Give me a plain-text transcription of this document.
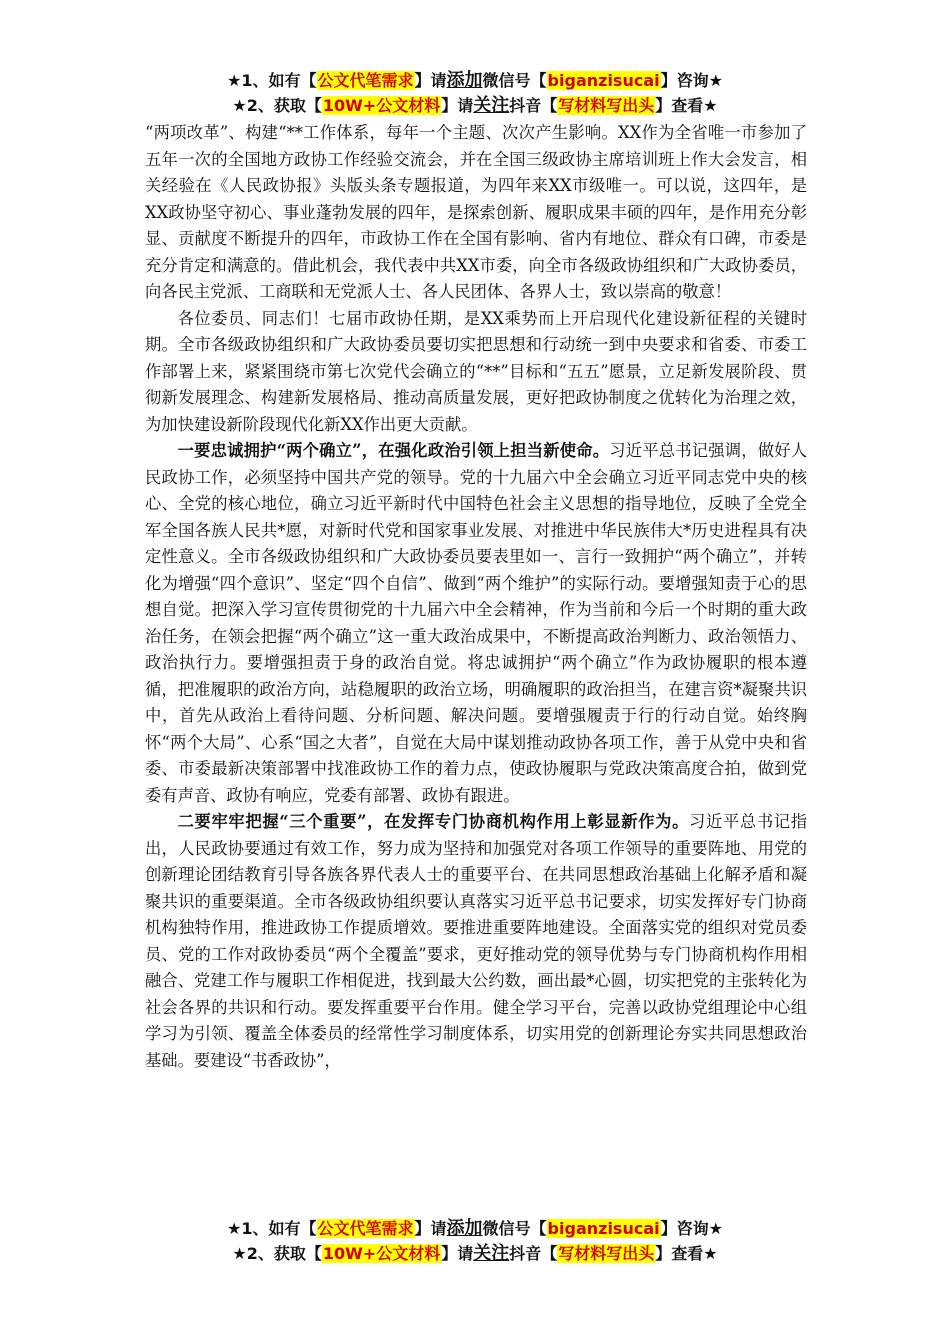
★1、如有【公文代笔需求】请添加微信号【biganzisucai】咨询★
★2、获取【10W+公文材料】请关注抖音【写材料写出头】查看★

“两项改革”、构建“**工作体系，每年一个主题、次次产生影响。XX作为全省唯一市参加了五年一次的全国地方政协工作经验交流会，并在全国三级政协主席培训班上作大会发言，相关经验在《人民政协报》头版头条专题报道，为四年来XX市级唯一。可以说，这四年，是XX政协坚守初心、事业蓬勃发展的四年，是探索创新、履职成果丰硕的四年，是作用充分彰显、贡献度不断提升的四年，市政协工作在全国有影响、省内有地位、群众有口碑，市委是充分肯定和满意的。借此机会，我代表中共XX市委，向全市各级政协组织和广大政协委员，向各民主党派、工商联和无党派人士、各人民团体、各界人士，致以崇高的敬意！

各位委员、同志们！七届市政协任期，是XX乘势而上开启现代化建设新征程的关键时期。全市各级政协组织和广大政协委员要切实把思想和行动统一到中央要求和省委、市委工作部署上来，紧紧围绕市第七次党代会确立的“**”目标和“五五”愿景，立足新发展阶段、贯彻新发展理念、构建新发展格局、推动高质量发展，更好把政协制度之优转化为治理之效，为加快建设新阶段现代化新XX作出更大贡献。

一要忠诚拥护“两个确立”，在强化政治引领上担当新使命。习近平总书记强调，做好人民政协工作，必须坚持中国共产党的领导。党的十九届六中全会确立习近平同志党中央的核心、全党的核心地位，确立习近平新时代中国特色社会主义思想的指导地位，反映了全党全军全国各族人民共*愿，对新时代党和国家事业发展、对推进中华民族伟大*历史进程具有决定性意义。全市各级政协组织和广大政协委员要表里如一、言行一致拥护“两个确立”，并转化为增强“四个意识”、坚定“四个自信”、做到“两个维护”的实际行动。要增强知责于心的思想自觉。把深入学习宣传贯彻党的十九届六中全会精神，作为当前和今后一个时期的重大政治任务，在领会把握“两个确立”这一重大政治成果中，不断提高政治判断力、政治领悟力、政治执行力。要增强担责于身的政治自觉。将忠诚拥护“两个确立”作为政协履职的根本遵循，把准履职的政治方向，站稳履职的政治立场，明确履职的政治担当，在建言资*凝聚共识中，首先从政治上看待问题、分析问题、解决问题。要增强履责于行的行动自觉。始终胸怀“两个大局”、心系“国之大者”，自觉在大局中谋划推动政协各项工作，善于从党中央和省委、市委最新决策部署中找准政协工作的着力点，使政协履职与党政决策高度合拍，做到党委有声音、政协有响应，党委有部署、政协有跟进。

二要牢牢把握“三个重要”，在发挥专门协商机构作用上彰显新作为。习近平总书记指出，人民政协要通过有效工作，努力成为坚持和加强党对各项工作领导的重要阵地、用党的创新理论团结教育引导各族各界代表人士的重要平台、在共同思想政治基础上化解矛盾和凝聚共识的重要渠道。全市各级政协组织要认真落实习近平总书记要求，切实发挥好专门协商机构独特作用，推进政协工作提质增效。要推进重要阵地建设。全面落实党的组织对党员委员、党的工作对政协委员“两个全覆盖”要求，更好推动党的领导优势与专门协商机构作用相融合、党建工作与履职工作相促进，找到最大公约数，画出最*心圆，切实把党的主张转化为社会各界的共识和行动。要发挥重要平台作用。健全学习平台，完善以政协党组理论中心组学习为引领、覆盖全体委员的经常性学习制度体系，切实用党的创新理论夯实共同思想政治基础。要建设“书香政协”，

★1、如有【公文代笔需求】请添加微信号【biganzisucai】咨询★
★2、获取【10W+公文材料】请关注抖音【写材料写出头】查看★
